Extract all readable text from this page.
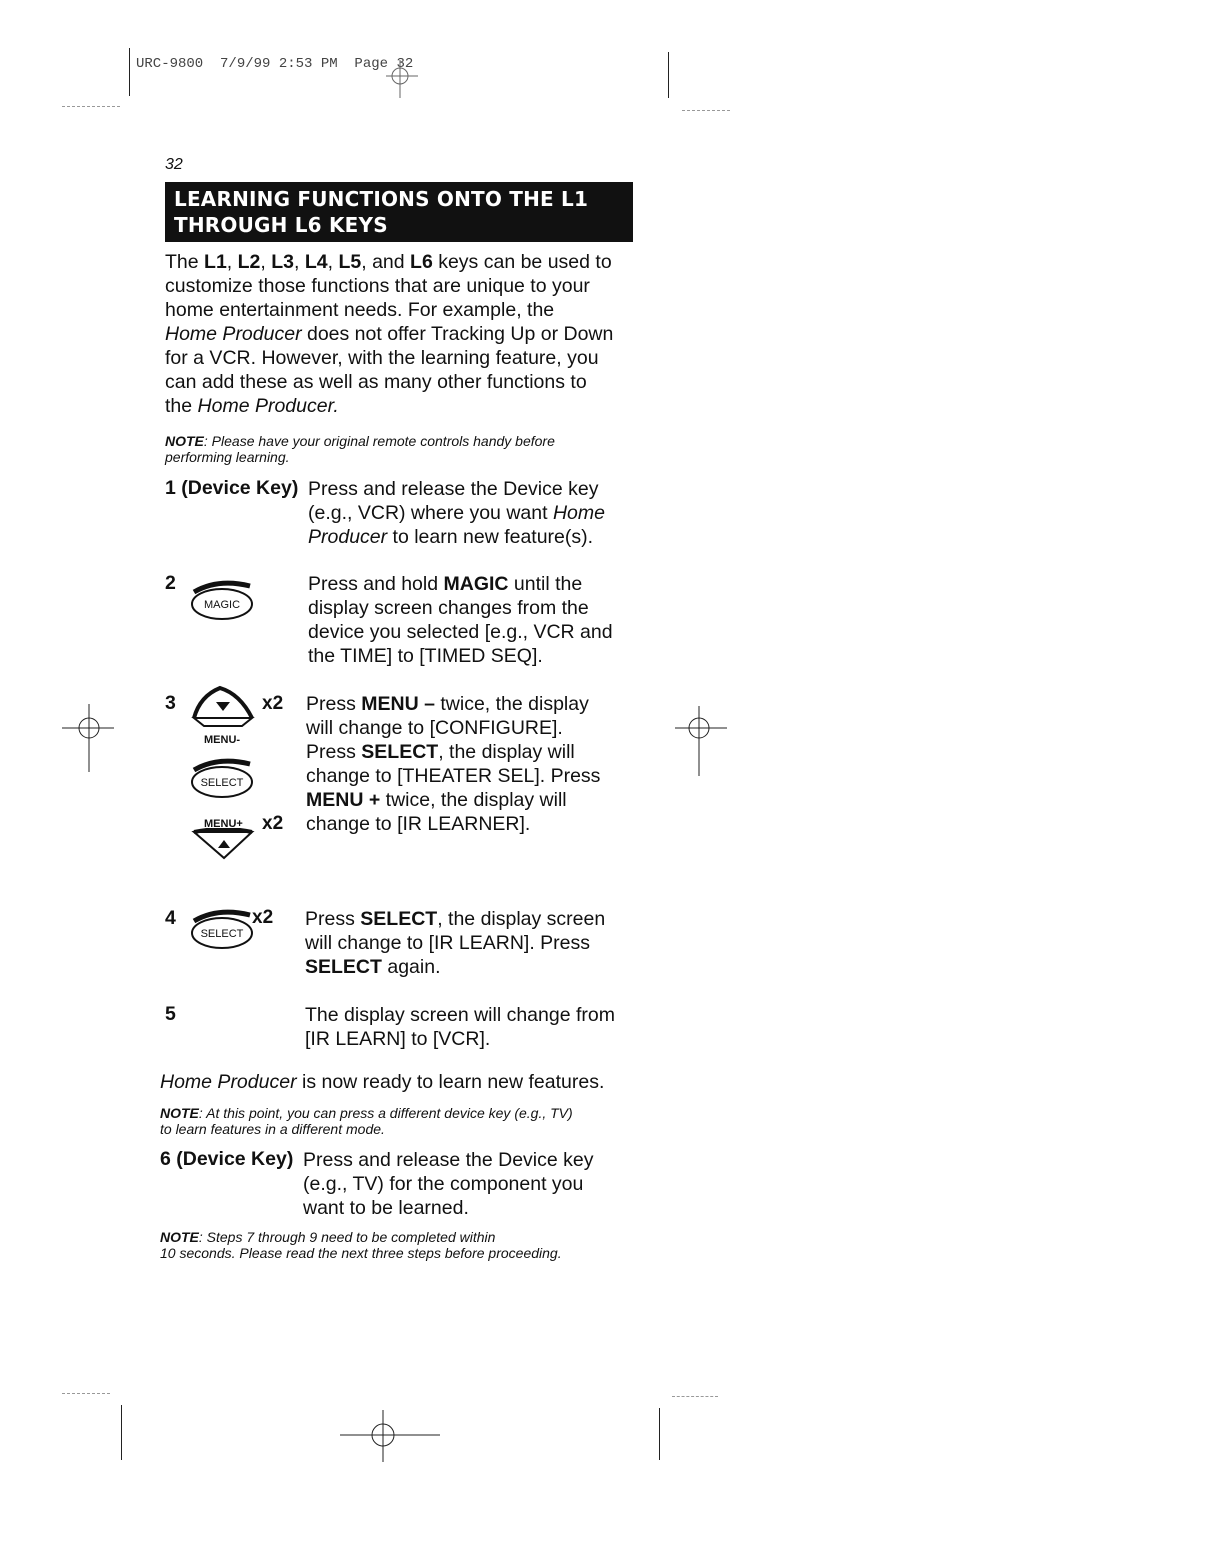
URC-9800  7/9/99 2:53 PM  Page 32
32
LEARNING FUNCTIONS ONTO THE L1
THROUGH L6 KEYS
The L1, L2, L3, L4, L5, and L6 keys can be used to
customize those functions that are unique to your
home entertainment needs. For example, the
Home Producer does not offer Tracking Up or Down
for a VCR. However, with the learning feature, you
can add these as well as many other functions to
the Home Producer.
NOTE: Please have your original remote controls handy before
performing learning.
1 (Device Key) Press and release the Device key
(e.g., VCR) where you want Home
Producer to learn new feature(s).
2
MAGIC
Press and hold MAGIC until the
display screen changes from the
device you selected [e.g., VCR and
the TIME] to [TIMED SEQ].
3	x2
MENU-
SELECT
MENU+ x2
Press MENU – twice, the display
will change to [CONFIGURE].
Press SELECT, the display will
change to [THEATER SEL]. Press
MENU + twice, the display will
change to [IR LEARNER].
4
SELECT
x2 Press SELECT, the display screen
will change to [IR LEARN]. Press
SELECT again.
5	The display screen will change from
[IR LEARN] to [VCR].
Home Producer is now ready to learn new features.
NOTE: At this point, you can press a different device key (e.g., TV)
to learn features in a different mode.
6 (Device Key) Press and release the Device key
(e.g., TV) for the component you
want to be learned.
NOTE: Steps 7 through 9 need to be completed within
10 seconds. Please read the next three steps before proceeding.
